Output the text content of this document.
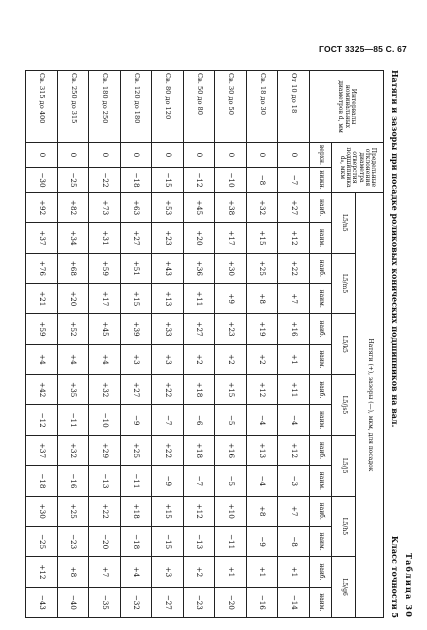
ГОСТ 3325—85 С. 67
Таблица 30
Натяги и зазоры при посадке роликовых конических подшипников на вал.
Класс точности 5
Интервалы номинальных диаметров d, мм	Предельные отклонения диаметра отверстия подшипника d₀, мкм		Натяги (+), зазоры (—), мкм, для посадок													
			L5/n5		L5/m5		L5/k5		L5/js5		L5/j5		L5/h5		L5/g6	
	верхн.	нижн.	наиб.	наим.	наиб.	наим.	наиб.	наим.	наиб.	наим.	наиб.	наим.	наиб.	наим.	наиб.	наим.
От 10 до 18	0	−7	+27	+12	+22	+7	+16	+1	+11	−4	+12	−3	+7	−8	+1	−14
Св. 18 до 30	0	−8	+32	+15	+25	+8	+19	+2	+12	−4	+13	−4	+8	−9	+1	−16
Св. 30 до 50	0	−10	+38	+17	+30	+9	+23	+2	+15	−5	+16	−5	+10	−11	+1	−20
Св. 50 до 80	0	−12	+45	+20	+36	+11	+27	+2	+18	−6	+18	−7	+12	−13	+2	−23
Св. 80 до 120	0	−15	+53	+23	+43	+13	+33	+3	+22	−7	+22	−9	+15	−15	+3	−27
Св. 120 до 180	0	−18	+63	+27	+51	+15	+39	+3	+27	−9	+25	−11	+18	−18	+4	−32
Св. 180 до 250	0	−22	+73	+31	+59	+17	+45	+4	+32	−10	+29	−13	+22	−20	+7	−35
Св. 250 до 315	0	−25	+82	+34	+68	+20	+52	+4	+35	−11	+32	−16	+25	−23	+8	−40
Св. 315 до 400	0	−30	+92	+37	+76	+21	+59	+4	+42	−12	+37	−18	+30	−25	+12	−43
